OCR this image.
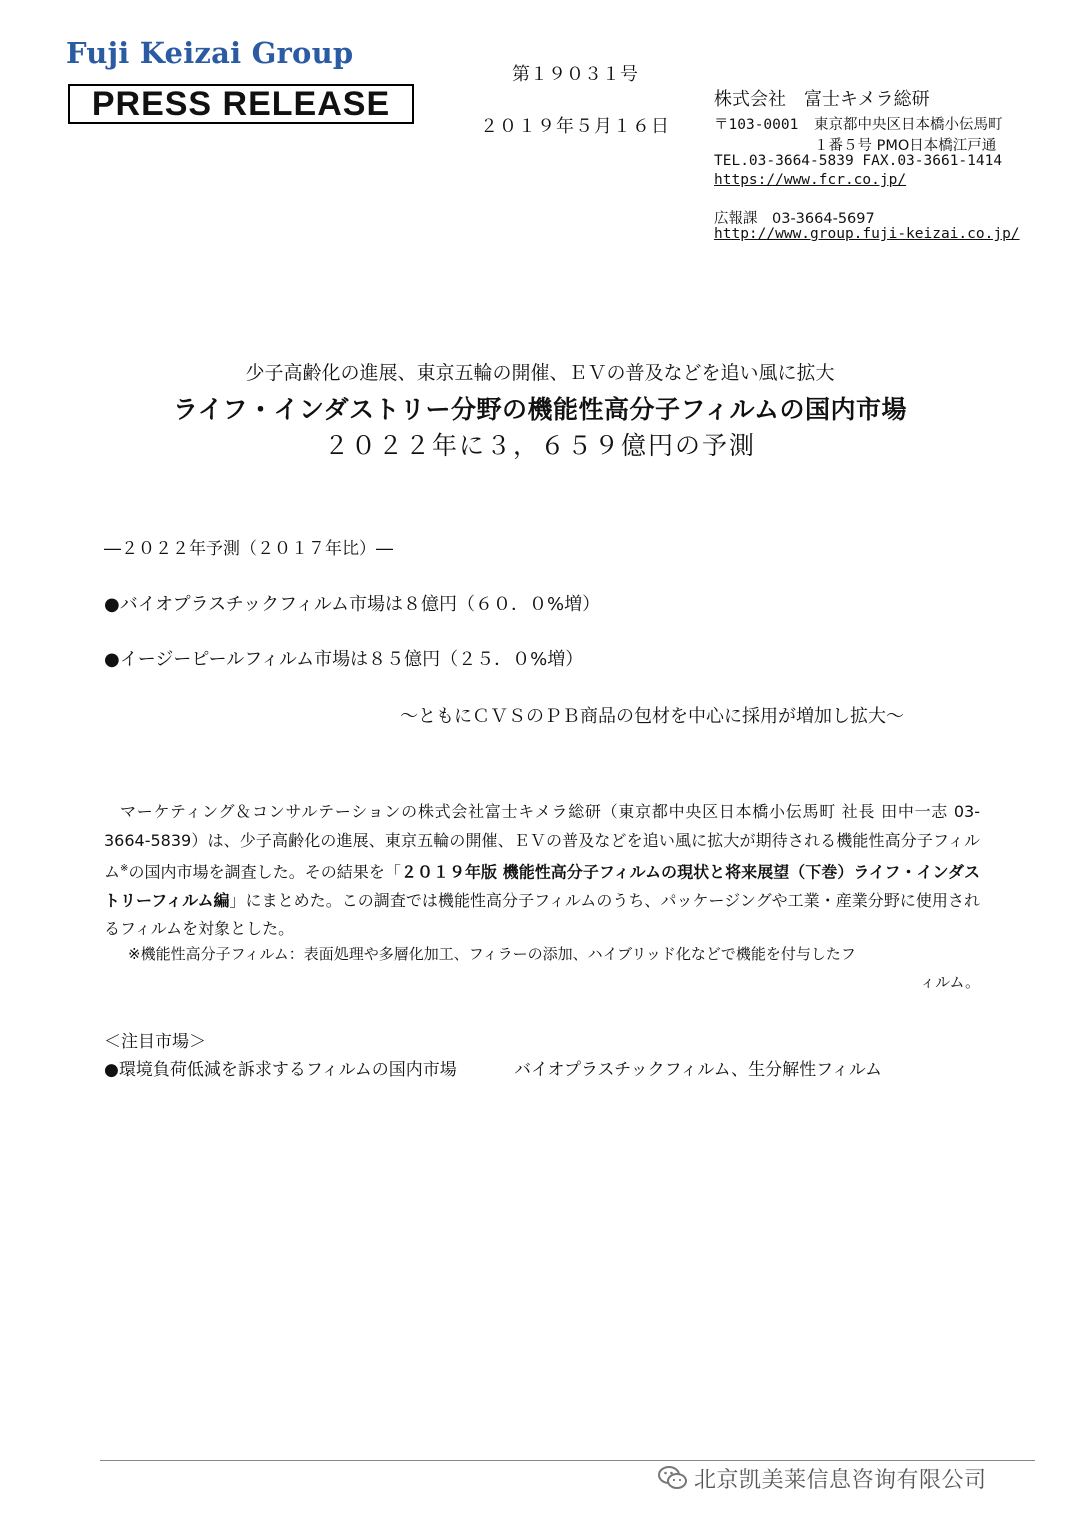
Fuji Keizai Group
PRESS RELEASE
第１９０３１号
２０１９年５月１６日
株式会社　富士キメラ総研
〒103-0001 東京都中央区日本橋小伝馬町
１番５号 PMO日本橋江戸通
TEL.03-3664-5839 FAX.03-3661-1414
https://www.fcr.co.jp/
広報課　03-3664-5697
http://www.group.fuji-keizai.co.jp/
少子高齢化の進展、東京五輪の開催、ＥＶの普及などを追い風に拡大
ライフ・インダストリー分野の機能性高分子フィルムの国内市場
２０２２年に３，６５９億円の予測
―２０２２年予測（２０１７年比）―
●バイオプラスチックフィルム市場は８億円（６０．０%増）
●イージーピールフィルム市場は８５億円（２５．０%増）
～ともにＣＶＳのＰＢ商品の包材を中心に採用が増加し拡大～
マーケティング＆コンサルテーションの株式会社富士キメラ総研（東京都中央区日本橋小伝馬町 社長 田中一志 03-3664-5839）は、少子高齢化の進展、東京五輪の開催、ＥＶの普及などを追い風に拡大が期待される機能性高分子フィルム※の国内市場を調査した。その結果を「２０１９年版 機能性高分子フィルムの現状と将来展望（下巻）ライフ・インダストリーフィルム編」にまとめた。この調査では機能性高分子フィルムのうち、パッケージングや工業・産業分野に使用されるフィルムを対象とした。
※機能性高分子フィルム：表面処理や多層化加工、フィラーの添加、ハイブリッド化などで機能を付与したフ
ィルム。
＜注目市場＞
●環境負荷低減を訴求するフィルムの国内市場	バイオプラスチックフィルム、生分解性フィルム
北京凯美莱信息咨询有限公司
